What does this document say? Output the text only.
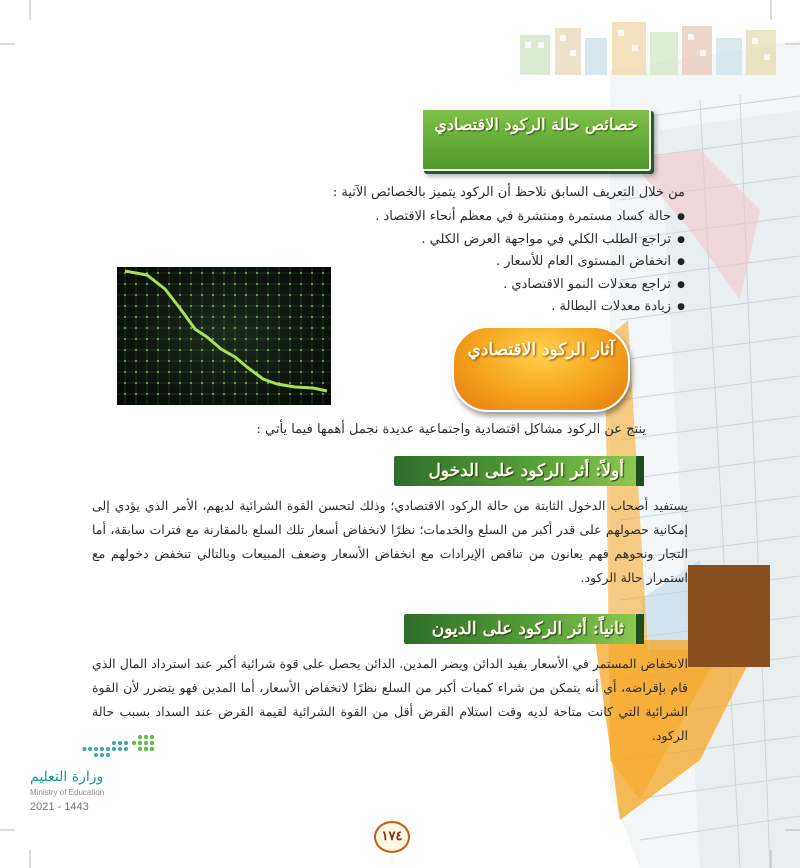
خصائص حالة الركود الاقتصادي
من خلال التعريف السابق نلاحظ أن الركود يتميز بالخصائص الآتية :
● حالة كساد مستمرة ومنتشرة في معظم أنحاء الاقتصاد .
● تراجع الطلب الكلي في مواجهة العرض الكلي .
● انخفاض المستوى العام للأسعار .
● تراجع معدلات النمو الاقتصادي .
● زيادة معدلات البطالة .
آثار الركود الاقتصادي
ينتج عن الركود مشاكل اقتصادية واجتماعية عديدة نجمل أهمها فيما يأتي :
أولاً: أثر الركود على الدخول
يستفيد أصحاب الدخول الثابتة من حالة الركود الاقتصادي؛ وذلك لتحسن القوة الشرائية لديهم، الأمر الذي يؤدي إلى إمكانية حصولهم على قدر أكبر من السلع والخدمات؛ نظرًا لانخفاض أسعار تلك السلع بالمقارنة مع فترات سابقة، أما التجار ونحوهم فهم يعانون من تناقص الإيرادات مع انخفاض الأسعار وضعف المبيعات وبالتالي تنخفض دخولهم مع استمرار حالة الركود.
ثانياً: أثر الركود على الديون
الانخفاض المستمر في الأسعار يفيد الدائن ويضر المدين. الدائن يحصل على قوة شرائية أكبر عند استرداد المال الذي قام بإقراضه، أي أنه يتمكن من شراء كميات أكبر من السلع نظرًا لانخفاض الأسعار، أما المدين فهو يتضرر لأن القوة الشرائية التي كانت متاحة لديه وقت استلام القرض أقل من القوة الشرائية لقيمة القرض عند السداد بسبب حالة الركود.
وزارة التعليم
Ministry of Education
2021 - 1443
١٧٤
